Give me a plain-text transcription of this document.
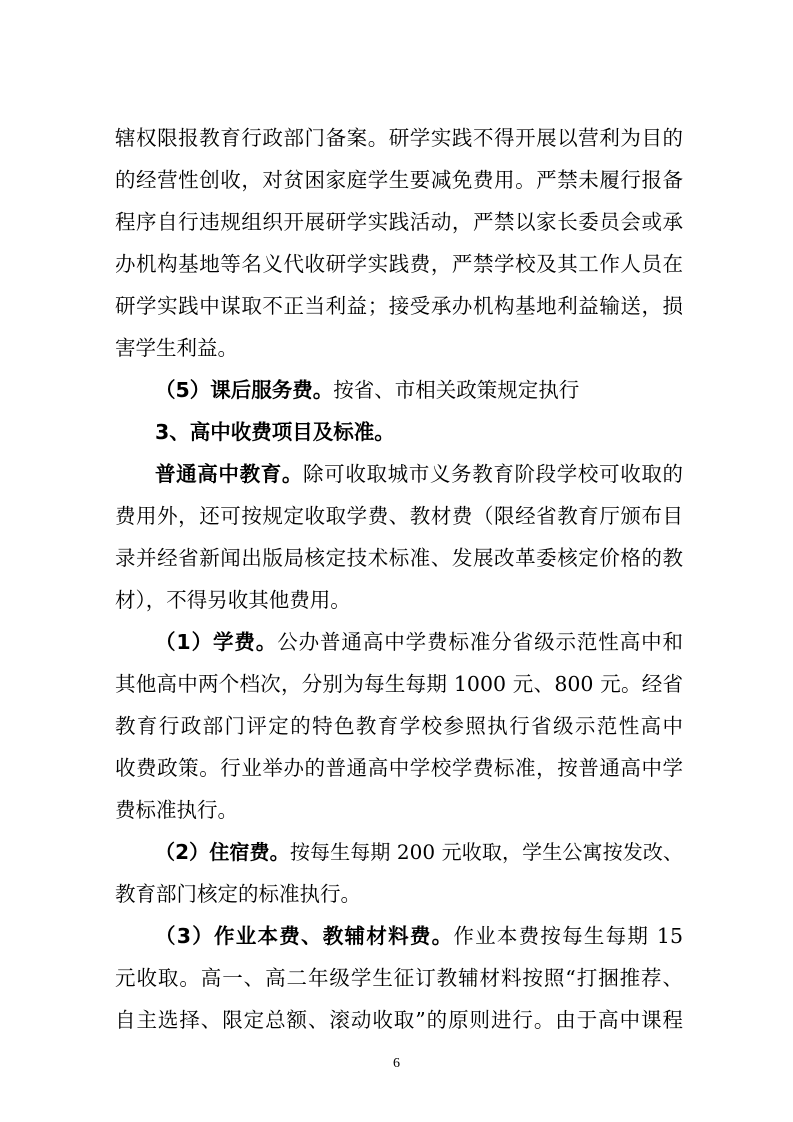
辖权限报教育行政部门备案。研学实践不得开展以营利为目的
的经营性创收，对贫困家庭学生要减免费用。严禁未履行报备
程序自行违规组织开展研学实践活动，严禁以家长委员会或承
办机构基地等名义代收研学实践费，严禁学校及其工作人员在
研学实践中谋取不正当利益；接受承办机构基地利益输送，损
害学生利益。
（5）课后服务费。按省、市相关政策规定执行
3、高中收费项目及标准。
普通高中教育。除可收取城市义务教育阶段学校可收取的
费用外，还可按规定收取学费、教材费（限经省教育厅颁布目
录并经省新闻出版局核定技术标准、发展改革委核定价格的教
材），不得另收其他费用。
（1）学费。公办普通高中学费标准分省级示范性高中和
其他高中两个档次，分别为每生每期 1000 元、800 元。经省
教育行政部门评定的特色教育学校参照执行省级示范性高中
收费政策。行业举办的普通高中学校学费标准，按普通高中学
费标准执行。
（2）住宿费。按每生每期 200 元收取，学生公寓按发改、
教育部门核定的标准执行。
（3）作业本费、教辅材料费。作业本费按每生每期 15
元收取。高一、高二年级学生征订教辅材料按照“打捆推荐、
自主选择、限定总额、滚动收取”的原则进行。由于高中课程
6
